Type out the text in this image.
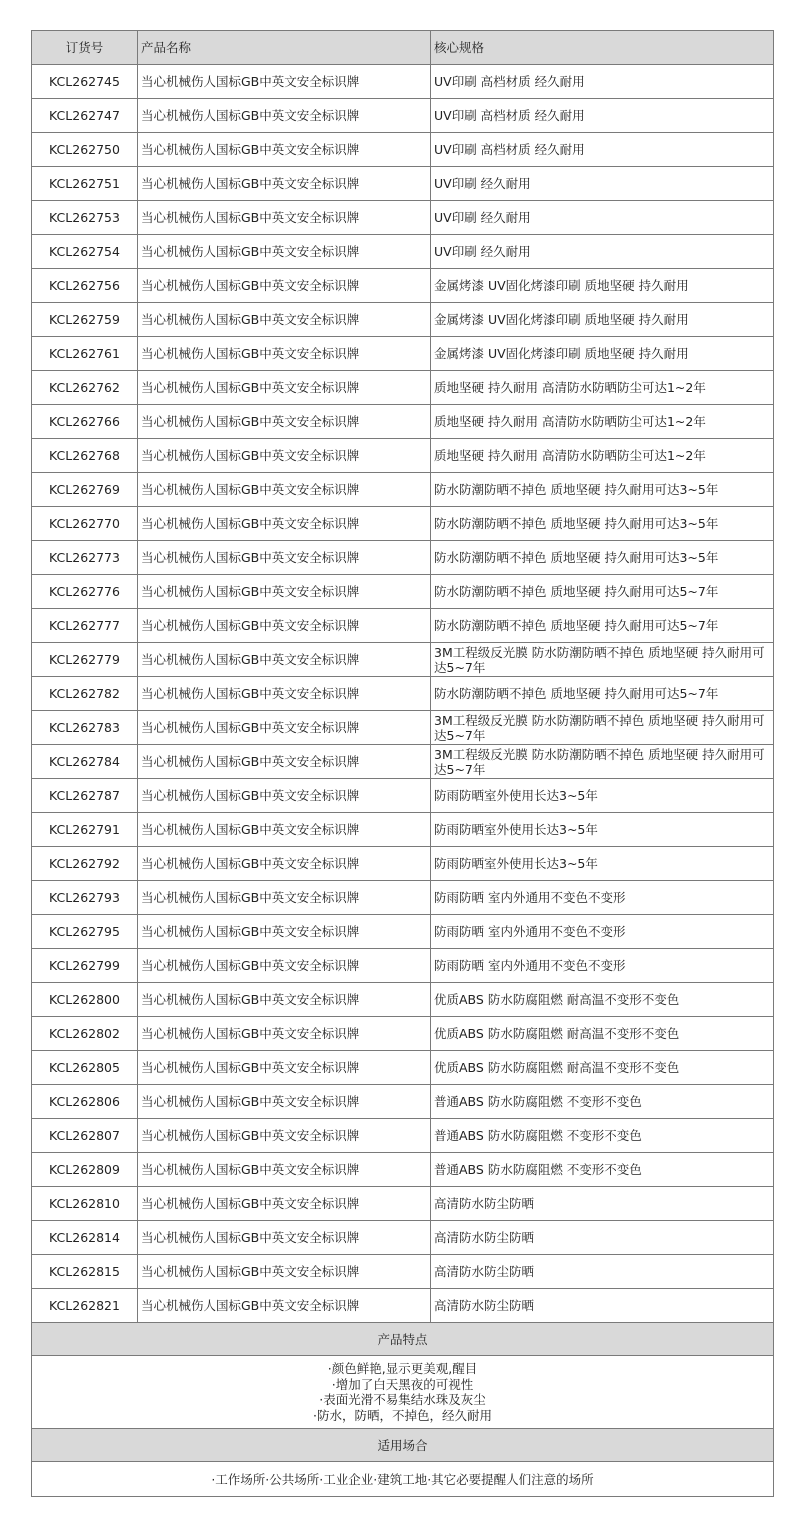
订货号	产品名称	核心规格
KCL262745	当心机械伤人国标GB中英文安全标识牌	UV印刷 高档材质 经久耐用
KCL262747	当心机械伤人国标GB中英文安全标识牌	UV印刷 高档材质 经久耐用
KCL262750	当心机械伤人国标GB中英文安全标识牌	UV印刷 高档材质 经久耐用
KCL262751	当心机械伤人国标GB中英文安全标识牌	UV印刷 经久耐用
KCL262753	当心机械伤人国标GB中英文安全标识牌	UV印刷 经久耐用
KCL262754	当心机械伤人国标GB中英文安全标识牌	UV印刷 经久耐用
KCL262756	当心机械伤人国标GB中英文安全标识牌	金属烤漆 UV固化烤漆印刷 质地坚硬 持久耐用
KCL262759	当心机械伤人国标GB中英文安全标识牌	金属烤漆 UV固化烤漆印刷 质地坚硬 持久耐用
KCL262761	当心机械伤人国标GB中英文安全标识牌	金属烤漆 UV固化烤漆印刷 质地坚硬 持久耐用
KCL262762	当心机械伤人国标GB中英文安全标识牌	质地坚硬 持久耐用 高清防水防晒防尘可达1~2年
KCL262766	当心机械伤人国标GB中英文安全标识牌	质地坚硬 持久耐用 高清防水防晒防尘可达1~2年
KCL262768	当心机械伤人国标GB中英文安全标识牌	质地坚硬 持久耐用 高清防水防晒防尘可达1~2年
KCL262769	当心机械伤人国标GB中英文安全标识牌	防水防潮防晒不掉色 质地坚硬 持久耐用可达3~5年
KCL262770	当心机械伤人国标GB中英文安全标识牌	防水防潮防晒不掉色 质地坚硬 持久耐用可达3~5年
KCL262773	当心机械伤人国标GB中英文安全标识牌	防水防潮防晒不掉色 质地坚硬 持久耐用可达3~5年
KCL262776	当心机械伤人国标GB中英文安全标识牌	防水防潮防晒不掉色 质地坚硬 持久耐用可达5~7年
KCL262777	当心机械伤人国标GB中英文安全标识牌	防水防潮防晒不掉色 质地坚硬 持久耐用可达5~7年
KCL262779	当心机械伤人国标GB中英文安全标识牌	3M工程级反光膜 防水防潮防晒不掉色 质地坚硬 持久耐用可达5~7年
KCL262782	当心机械伤人国标GB中英文安全标识牌	防水防潮防晒不掉色 质地坚硬 持久耐用可达5~7年
KCL262783	当心机械伤人国标GB中英文安全标识牌	3M工程级反光膜 防水防潮防晒不掉色 质地坚硬 持久耐用可达5~7年
KCL262784	当心机械伤人国标GB中英文安全标识牌	3M工程级反光膜 防水防潮防晒不掉色 质地坚硬 持久耐用可达5~7年
KCL262787	当心机械伤人国标GB中英文安全标识牌	防雨防晒室外使用长达3~5年
KCL262791	当心机械伤人国标GB中英文安全标识牌	防雨防晒室外使用长达3~5年
KCL262792	当心机械伤人国标GB中英文安全标识牌	防雨防晒室外使用长达3~5年
KCL262793	当心机械伤人国标GB中英文安全标识牌	防雨防晒 室内外通用不变色不变形
KCL262795	当心机械伤人国标GB中英文安全标识牌	防雨防晒 室内外通用不变色不变形
KCL262799	当心机械伤人国标GB中英文安全标识牌	防雨防晒 室内外通用不变色不变形
KCL262800	当心机械伤人国标GB中英文安全标识牌	优质ABS 防水防腐阻燃 耐高温不变形不变色
KCL262802	当心机械伤人国标GB中英文安全标识牌	优质ABS 防水防腐阻燃 耐高温不变形不变色
KCL262805	当心机械伤人国标GB中英文安全标识牌	优质ABS 防水防腐阻燃 耐高温不变形不变色
KCL262806	当心机械伤人国标GB中英文安全标识牌	普通ABS 防水防腐阻燃 不变形不变色
KCL262807	当心机械伤人国标GB中英文安全标识牌	普通ABS 防水防腐阻燃 不变形不变色
KCL262809	当心机械伤人国标GB中英文安全标识牌	普通ABS 防水防腐阻燃 不变形不变色
KCL262810	当心机械伤人国标GB中英文安全标识牌	高清防水防尘防晒
KCL262814	当心机械伤人国标GB中英文安全标识牌	高清防水防尘防晒
KCL262815	当心机械伤人国标GB中英文安全标识牌	高清防水防尘防晒
KCL262821	当心机械伤人国标GB中英文安全标识牌	高清防水防尘防晒
产品特点		

·颜色鲜艳,显示更美观,醒目
·增加了白天黑夜的可视性
·表面光滑不易集结水珠及灰尘
·防水，防晒，不掉色，经久耐用		

适用场合		
·工作场所·公共场所·工业企业·建筑工地·其它必要提醒人们注意的场所		
